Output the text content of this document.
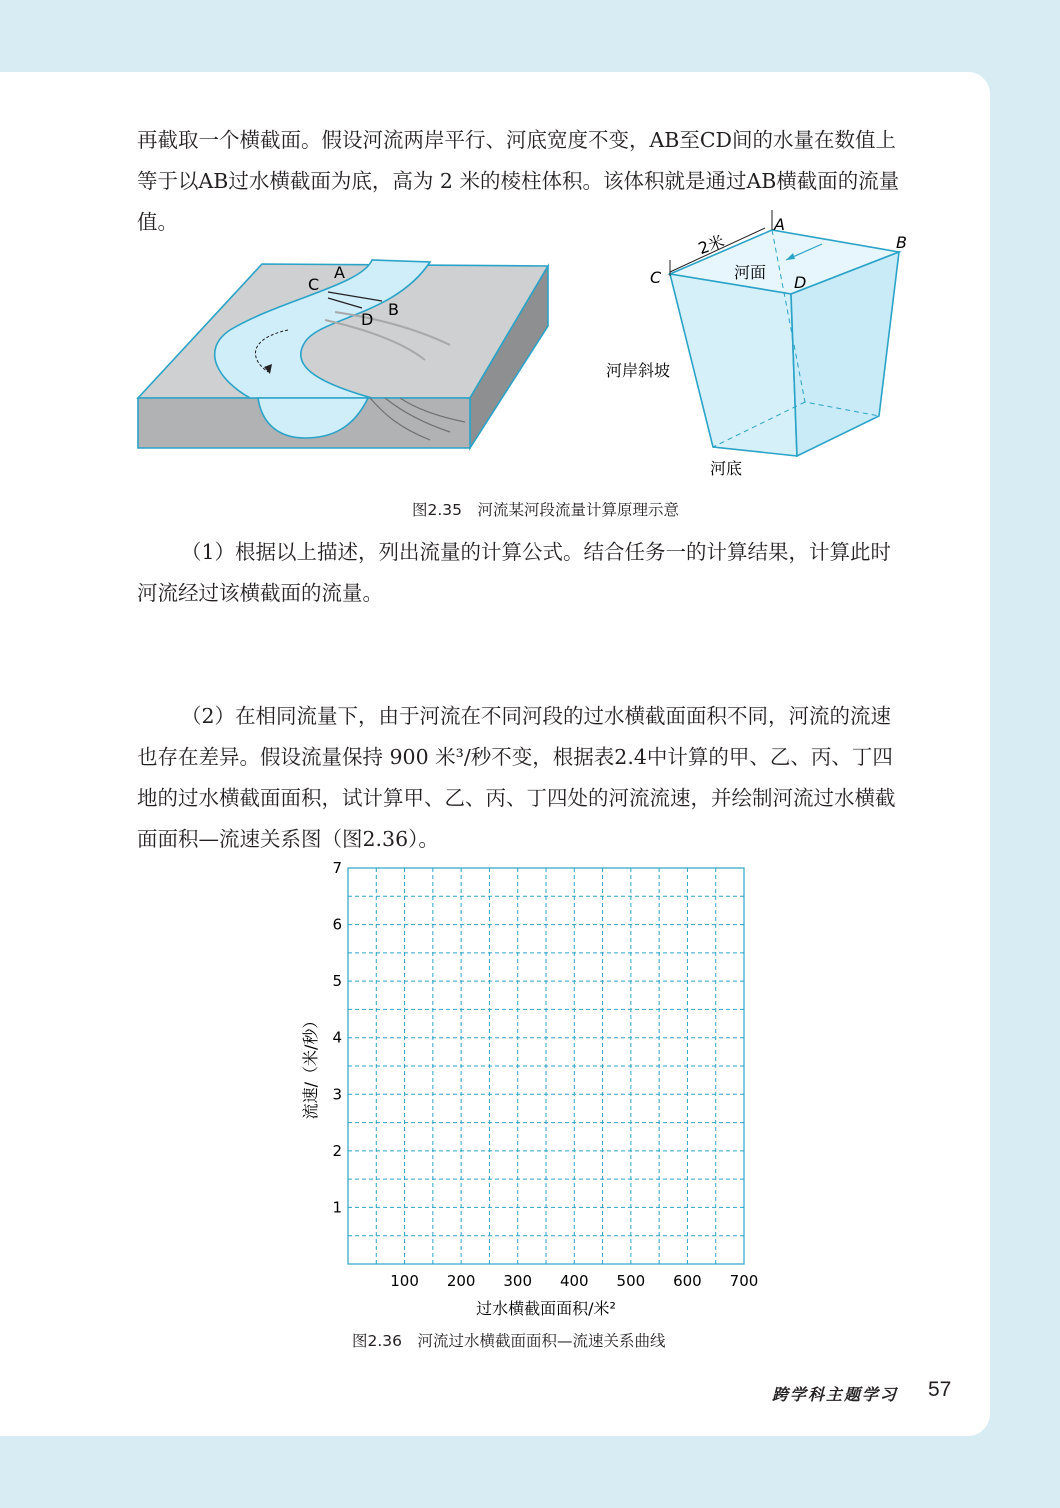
再截取一个横截面。假设河流两岸平行、河底宽度不变，AB至CD间的水量在数值上
等于以AB过水横截面为底，高为 2 米的棱柱体积。该体积就是通过AB横截面的流量
值。

A
C
B
D
A
B
C	D
2米
河面
河岸斜坡
河底
图2.35　河流某河段流量计算原理示意

（1）根据以上描述，列出流量的计算公式。结合任务一的计算结果，计算此时
河流经过该横截面的流量。

（2）在相同流量下，由于河流在不同河段的过水横截面面积不同，河流的流速
也存在差异。假设流量保持 900 米³/秒不变，根据表2.4中计算的甲、乙、丙、丁四
地的过水横截面面积，试计算甲、乙、丙、丁四处的河流流速，并绘制河流过水横截
面面积—流速关系图（图2.36）。

100 200 300 400 500 600 700
1
2
3
4
5
6
7
过水横截面面积/米²
流速/（米/秒）
图2.36　河流过水横截面面积—流速关系曲线
跨学科主题学习 57
